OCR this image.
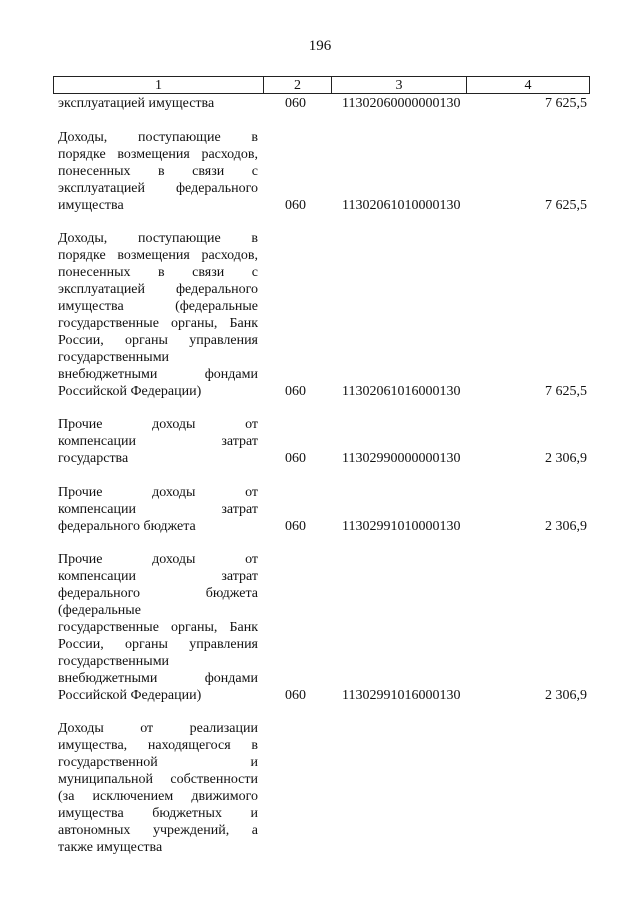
196
1	2	3	4
эксплуатацией имущества	060	11302060000000130	7 625,5
Доходы, поступающие в
порядке возмещения расходов,
понесенных в связи с
эксплуатацией федерального
имущества	060	11302061010000130	7 625,5
Доходы, поступающие в
порядке возмещения расходов,
понесенных в связи с
эксплуатацией федерального
имущества (федеральные
государственные органы, Банк
России, органы управления
государственными
внебюджетными фондами
Российской Федерации)	060	11302061016000130	7 625,5
Прочие доходы от
компенсации затрат
государства	060	11302990000000130	2 306,9
Прочие доходы от
компенсации затрат
федерального бюджета	060	11302991010000130	2 306,9
Прочие доходы от
компенсации затрат
федерального бюджета
(федеральные
государственные органы, Банк
России, органы управления
государственными
внебюджетными фондами
Российской Федерации)	060	11302991016000130	2 306,9
Доходы от реализации
имущества, находящегося в
государственной и
муниципальной собственности
(за исключением движимого
имущества бюджетных и
автономных учреждений, а
также имущества
